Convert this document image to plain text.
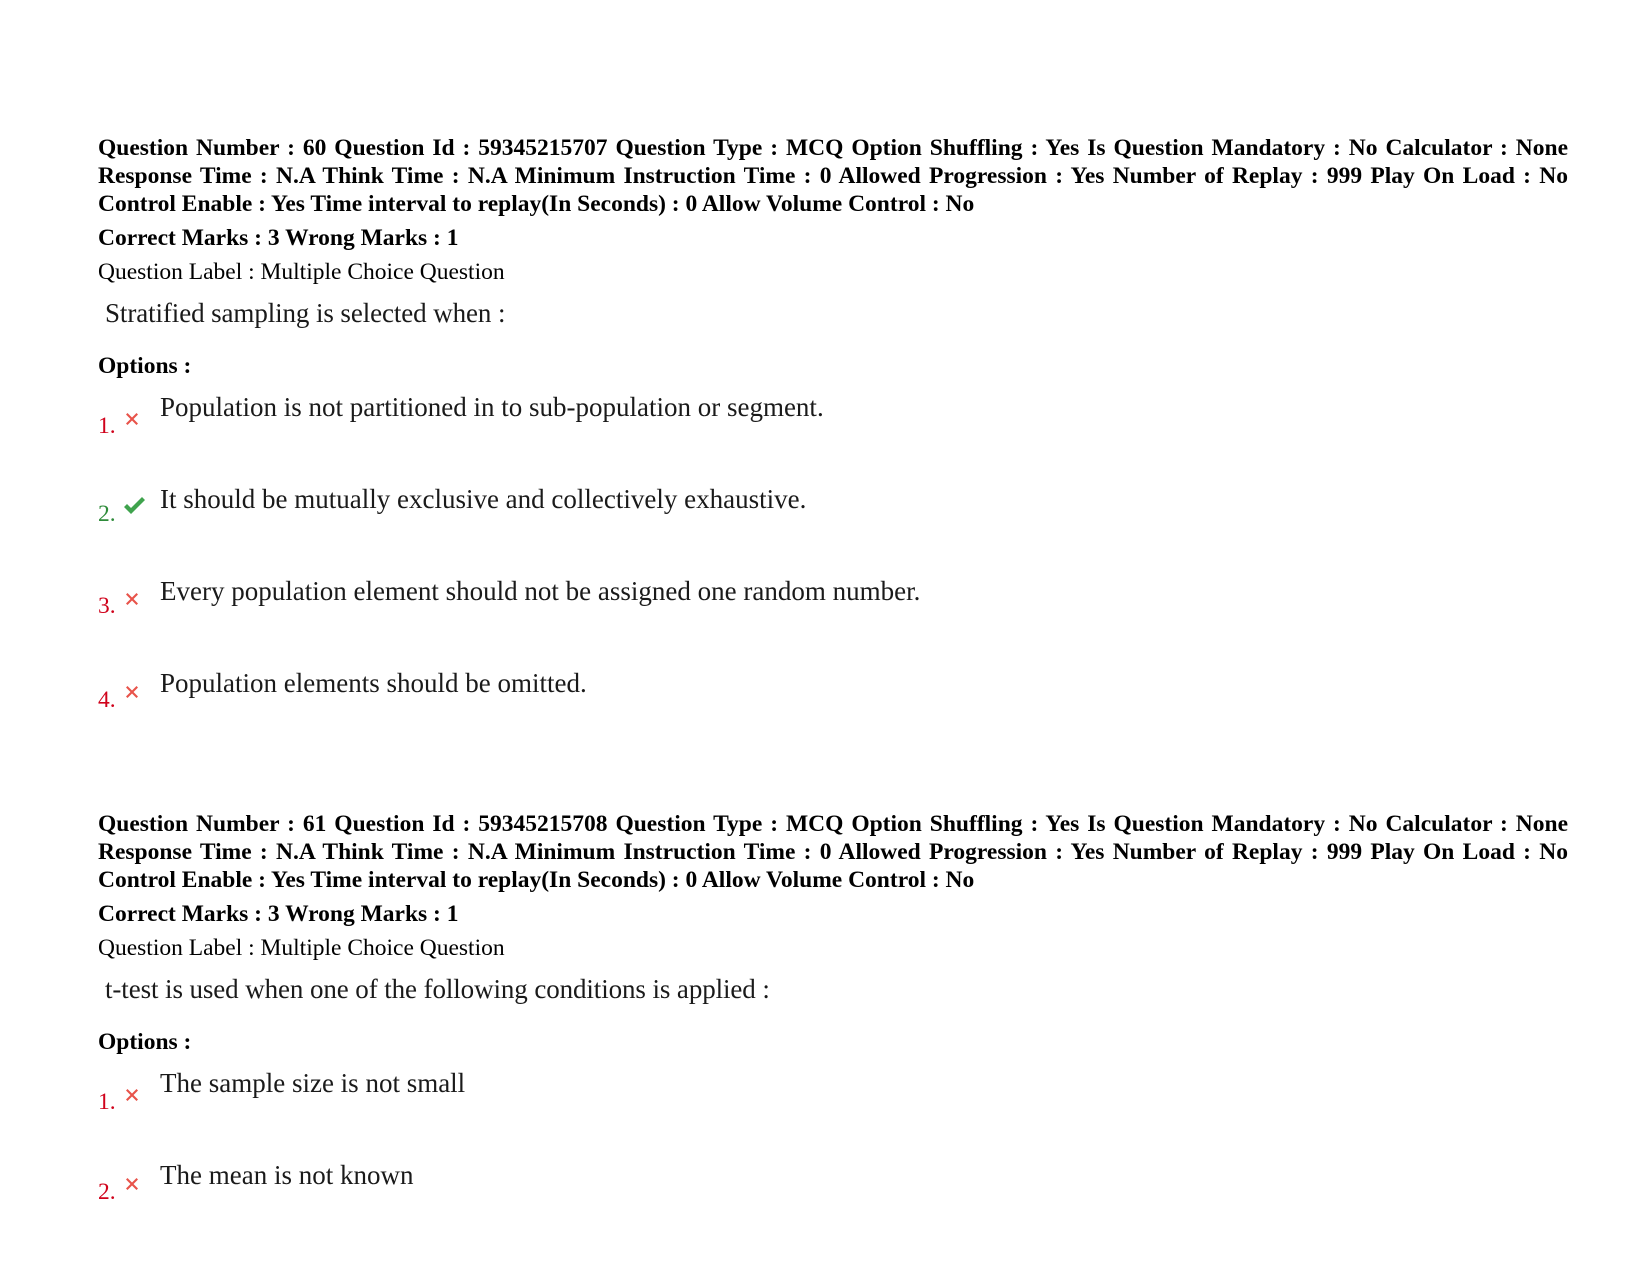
Question Number : 60 Question Id : 59345215707 Question Type : MCQ Option Shuffling : Yes Is Question Mandatory : No Calculator : None Response Time : N.A Think Time : N.A Minimum Instruction Time : 0 Allowed Progression : Yes Number of Replay : 999 Play On Load : No Control Enable : Yes Time interval to replay(In Seconds) : 0 Allow Volume Control : No

Correct Marks : 3 Wrong Marks : 1
Question Label : Multiple Choice Question
Stratified sampling is selected when :
Options :
1.
Population is not partitioned in to sub-population or segment.
2. It should be mutually exclusive and collectively exhaustive.
3. Every population element should not be assigned one random number.
4.
Population elements should be omitted.

Question Number : 61 Question Id : 59345215708 Question Type : MCQ Option Shuffling : Yes Is Question Mandatory : No Calculator : None Response Time : N.A Think Time : N.A Minimum Instruction Time : 0 Allowed Progression : Yes Number of Replay : 999 Play On Load : No Control Enable : Yes Time interval to replay(In Seconds) : 0 Allow Volume Control : No

Correct Marks : 3 Wrong Marks : 1
Question Label : Multiple Choice Question
t-test is used when one of the following conditions is applied :
Options :
1.
The sample size is not small
2.
The mean is not known
